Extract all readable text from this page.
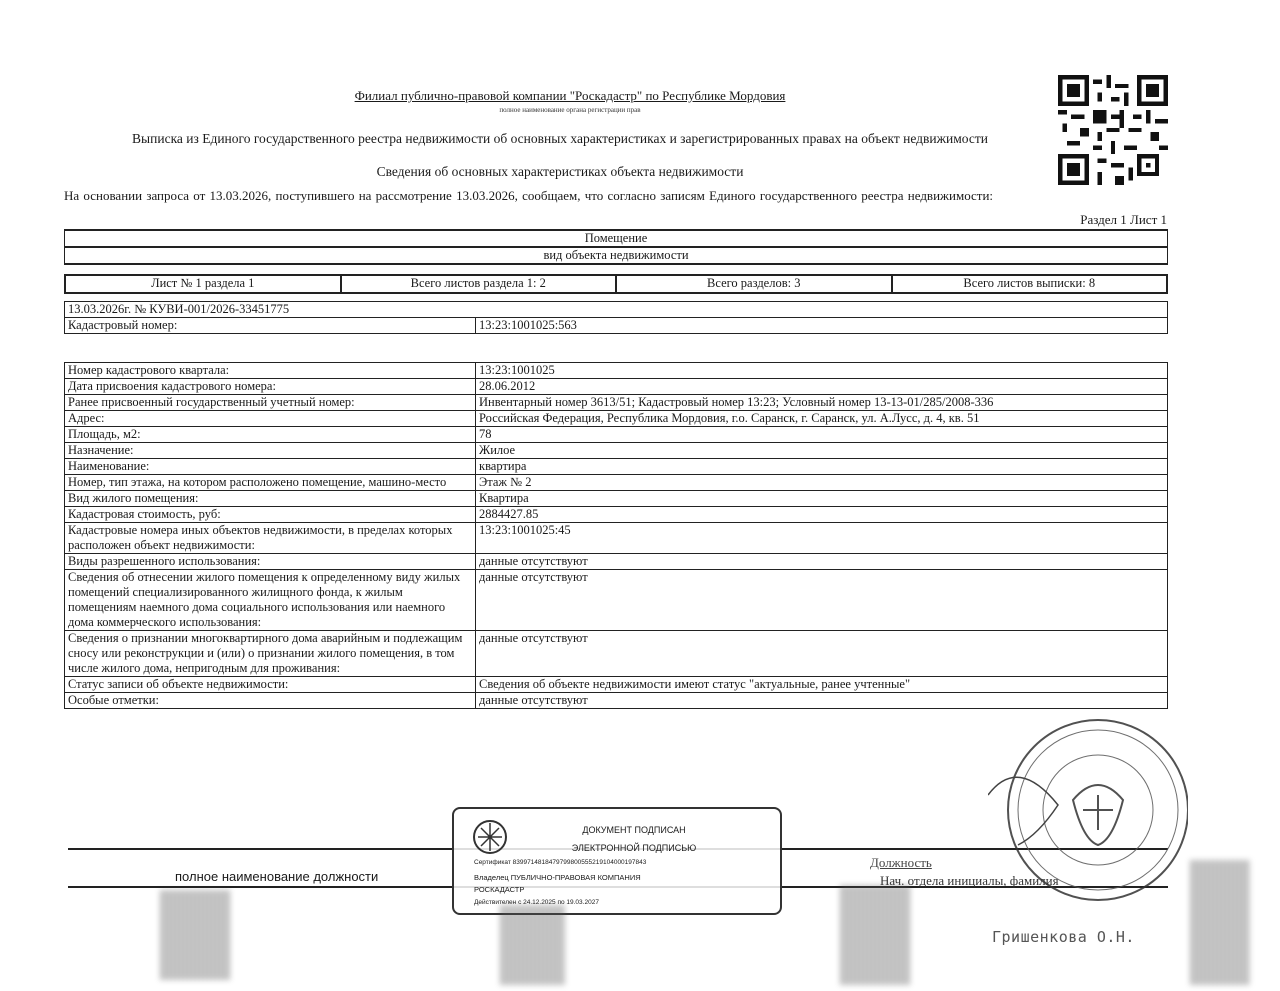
Филиал публично-правовой компании "Роскадастр" по Республике Мордовия
полное наименование органа регистрации прав
Выписка из Единого государственного реестра недвижимости об основных характеристиках и зарегистрированных правах на объект недвижимости
Сведения об основных характеристиках объекта недвижимости
На основании запроса от 13.03.2026, поступившего на рассмотрение 13.03.2026, сообщаем, что согласно записям Единого государственного реестра недвижимости:
Раздел 1 Лист 1
Помещение
вид объекта недвижимости
Лист № 1 раздела 1	Всего листов раздела 1: 2	Всего разделов: 3	Всего листов выписки: 8
13.03.2026г. № КУВИ-001/2026-33451775
Кадастровый номер:	13:23:1001025:563
Номер кадастрового квартала:	13:23:1001025
Дата присвоения кадастрового номера:	28.06.2012
Ранее присвоенный государственный учетный номер:	Инвентарный номер 3613/51; Кадастровый номер 13:23; Условный номер 13-13-01/285/2008-336
Адрес:	Российская Федерация, Республика Мордовия, г.о. Саранск, г. Саранск, ул. А.Лусс, д. 4, кв. 51
Площадь, м2:	78
Назначение:	Жилое
Наименование:	квартира
Номер, тип этажа, на котором расположено помещение, машино-место	Этаж № 2
Вид жилого помещения:	Квартира
Кадастровая стоимость, руб:	2884427.85
Кадастровые номера иных объектов недвижимости, в пределах которых расположен объект недвижимости:	13:23:1001025:45
Виды разрешенного использования:	данные отсутствуют
Сведения об отнесении жилого помещения к определенному виду жилых помещений специализированного жилищного фонда, к жилым помещениям наемного дома социального использования или наемного дома коммерческого использования:	данные отсутствуют
Сведения о признании многоквартирного дома аварийным и подлежащим сносу или реконструкции и (или) о признании жилого помещения, в том числе жилого дома, непригодным для проживания:	данные отсутствуют
Статус записи об объекте недвижимости:	Сведения об объекте недвижимости имеют статус "актуальные, ранее учтенные"
Особые отметки:	данные отсутствуют
полное наименование должности
Должность
Нач. отдела инициалы, фамилия
Гришенкова О.Н.
ДОКУМЕНТ ПОДПИСАН
ЭЛЕКТРОННОЙ ПОДПИСЬЮ
Сертификат 8399714818479799800555219104000197843
Владелец ПУБЛИЧНО-ПРАВОВАЯ КОМПАНИЯ
РОСКАДАСТР
Действителен с 24.12.2025 по 19.03.2027
